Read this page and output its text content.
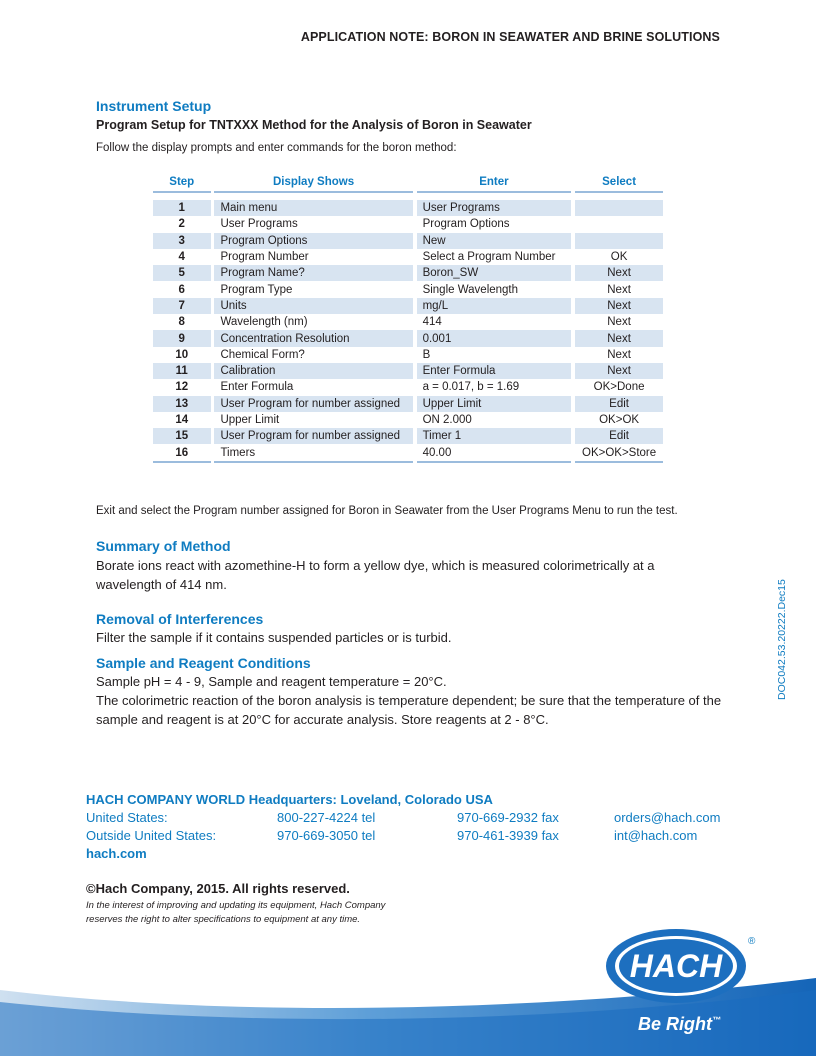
APPLICATION NOTE: BORON IN SEAWATER AND BRINE SOLUTIONS
Instrument Setup
Program Setup for TNTXXX Method for the Analysis of Boron in Seawater
Follow the display prompts and enter commands for the boron method:
Step		Display Shows		Enter		Select

1		Main menu		User Programs		
2		User Programs		Program Options		
3		Program Options		New		
4		Program Number		Select a Program Number		OK
5		Program Name?		Boron_SW		Next
6		Program Type		Single Wavelength		Next
7		Units		mg/L		Next
8		Wavelength (nm)		414		Next
9		Concentration Resolution		0.001		Next
10		Chemical Form?		B		Next
11		Calibration		Enter Formula		Next
12		Enter Formula		a = 0.017, b = 1.69		OK>Done
13		User Program for number assigned		Upper Limit		Edit
14		Upper Limit		ON 2.000		OK>OK
15		User Program for number assigned		Timer 1		Edit
16		Timers		40.00		OK>OK>Store
Exit and select the Program number assigned for Boron in Seawater from the User Programs Menu to run the test.
Summary of Method
Borate ions react with azomethine-H to form a yellow dye, which is measured colorimetrically at a wavelength of 414 nm.
Removal of Interferences
Filter the sample if it contains suspended particles or is turbid.
Sample and Reagent Conditions
Sample pH = 4 - 9, Sample and reagent temperature = 20°C.
The colorimetric reaction of the boron analysis is temperature dependent; be sure that the temperature of the sample and reagent is at 20°C for accurate analysis. Store reagents at 2 - 8°C.
DOC042.53.20222.Dec15
HACH COMPANY WORLD Headquarters: Loveland, Colorado USA
United States:	800-227-4224 tel	970-669-2932 fax	orders@hach.com
Outside United States:	970-669-3050 tel	970-461-3939 fax	int@hach.com
hach.com
©Hach Company, 2015. All rights reserved.
In the interest of improving and updating its equipment, Hach Company
reserves the right to alter specifications to equipment at any time.
HACH
®
Be Right™
